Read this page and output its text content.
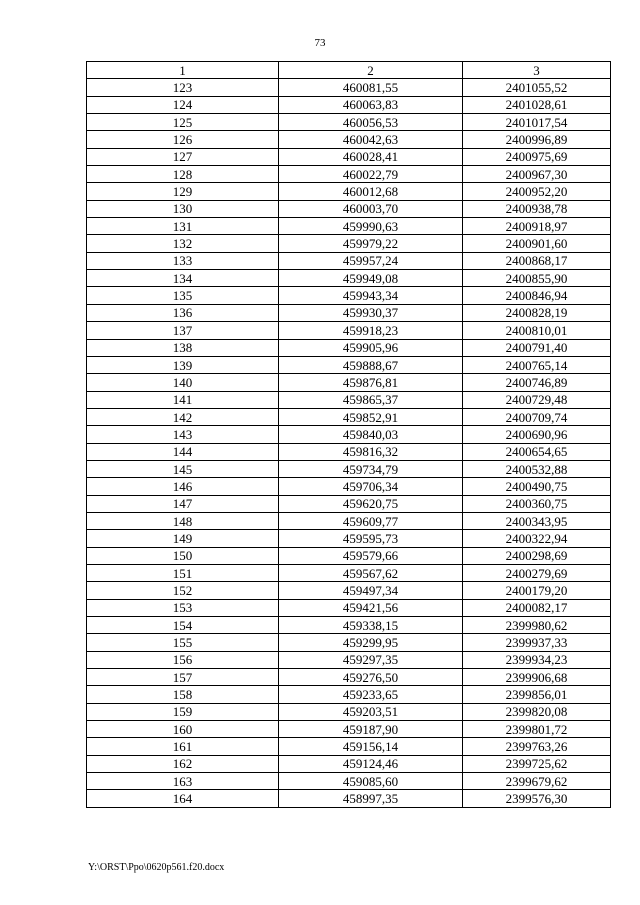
73
1	2	3
123	460081,55	2401055,52
124	460063,83	2401028,61
125	460056,53	2401017,54
126	460042,63	2400996,89
127	460028,41	2400975,69
128	460022,79	2400967,30
129	460012,68	2400952,20
130	460003,70	2400938,78
131	459990,63	2400918,97
132	459979,22	2400901,60
133	459957,24	2400868,17
134	459949,08	2400855,90
135	459943,34	2400846,94
136	459930,37	2400828,19
137	459918,23	2400810,01
138	459905,96	2400791,40
139	459888,67	2400765,14
140	459876,81	2400746,89
141	459865,37	2400729,48
142	459852,91	2400709,74
143	459840,03	2400690,96
144	459816,32	2400654,65
145	459734,79	2400532,88
146	459706,34	2400490,75
147	459620,75	2400360,75
148	459609,77	2400343,95
149	459595,73	2400322,94
150	459579,66	2400298,69
151	459567,62	2400279,69
152	459497,34	2400179,20
153	459421,56	2400082,17
154	459338,15	2399980,62
155	459299,95	2399937,33
156	459297,35	2399934,23
157	459276,50	2399906,68
158	459233,65	2399856,01
159	459203,51	2399820,08
160	459187,90	2399801,72
161	459156,14	2399763,26
162	459124,46	2399725,62
163	459085,60	2399679,62
164	458997,35	2399576,30
Y:\ORST\Ppo\0620p561.f20.docx
